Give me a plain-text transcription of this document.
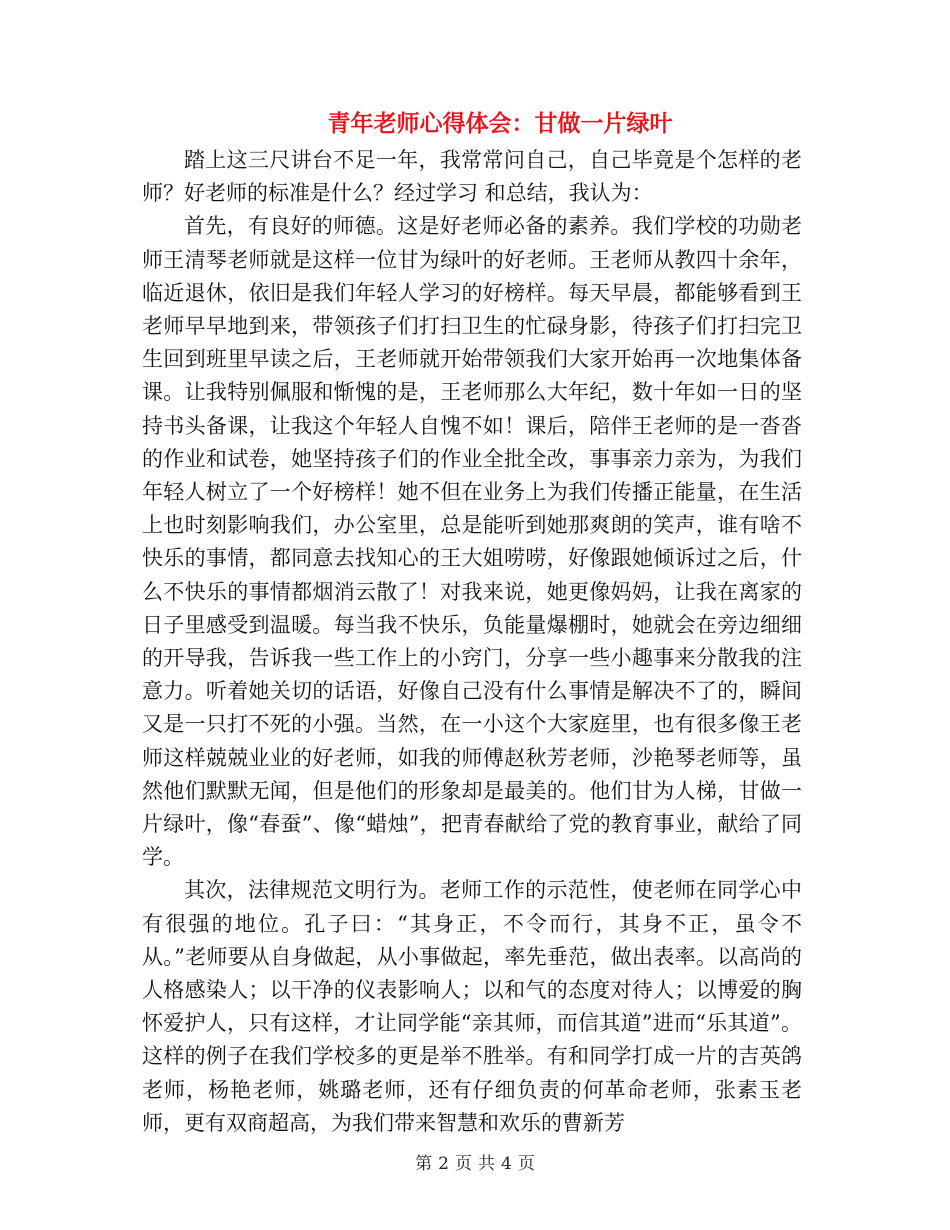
青年老师心得体会：甘做一片绿叶

踏上这三尺讲台不足一年，我常常问自己，自己毕竟是个怎样的老师？好老师的标准是什么？经过学习 和总结，我认为：

首先，有良好的师德。这是好老师必备的素养。我们学校的功勋老师王清琴老师就是这样一位甘为绿叶的好老师。王老师从教四十余年，临近退休，依旧是我们年轻人学习的好榜样。每天早晨，都能够看到王老师早早地到来，带领孩子们打扫卫生的忙碌身影，待孩子们打扫完卫生回到班里早读之后，王老师就开始带领我们大家开始再一次地集体备课。让我特别佩服和惭愧的是，王老师那么大年纪，数十年如一日的坚持书头备课，让我这个年轻人自愧不如！课后，陪伴王老师的是一沓沓的作业和试卷，她坚持孩子们的作业全批全改，事事亲力亲为，为我们年轻人树立了一个好榜样！她不但在业务上为我们传播正能量，在生活上也时刻影响我们，办公室里，总是能听到她那爽朗的笑声，谁有啥不快乐的事情，都同意去找知心的王大姐唠唠，好像跟她倾诉过之后，什么不快乐的事情都烟消云散了！对我来说，她更像妈妈，让我在离家的日子里感受到温暖。每当我不快乐，负能量爆棚时，她就会在旁边细细的开导我，告诉我一些工作上的小窍门，分享一些小趣事来分散我的注意力。听着她关切的话语，好像自己没有什么事情是解决不了的，瞬间又是一只打不死的小强。当然，在一小这个大家庭里，也有很多像王老师这样兢兢业业的好老师，如我的师傅赵秋芳老师，沙艳琴老师等，虽然他们默默无闻，但是他们的形象却是最美的。他们甘为人梯，甘做一片绿叶，像“春蚕”、像“蜡烛”，把青春献给了党的教育事业，献给了同学。

其次，法律规范文明行为。老师工作的示范性，使老师在同学心中有很强的地位。孔子曰：“其身正，不令而行，其身不正，虽令不从。”老师要从自身做起，从小事做起，率先垂范，做出表率。以高尚的人格感染人；以干净的仪表影响人；以和气的态度对待人；以博爱的胸怀爱护人，只有这样，才让同学能“亲其师，而信其道”进而“乐其道”。这样的例子在我们学校多的更是举不胜举。有和同学打成一片的吉英鸽老师，杨艳老师，姚璐老师，还有仔细负责的何革命老师，张素玉老师，更有双商超高，为我们带来智慧和欢乐的曹新芳

第 2 页 共 4 页
